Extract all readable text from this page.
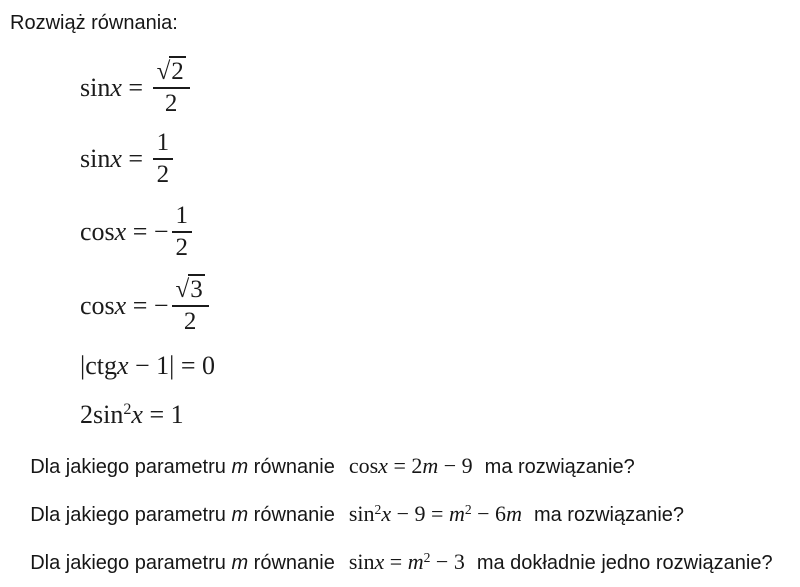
Rozwiąż równania:
$\sin x = \frac{√2}{2}$
$\sin x = \frac{1}{2}$
cosx = − $\frac{1}{2}$
cosx = − $\frac{√3}{2}$
|ctgx − 1| = 0
$2\sin^2x = 1$

Dla jakiego parametru m równanie cosx = 2m − 9 ma rozwiązanie?

Dla jakiego parametru m równanie $\sin^2x - 9 = m^2 - 6m$ ma rozwiązanie?

Dla jakiego parametru m równanie $\sin x = m^2 - 3$ ma dokładnie jedno rozwiązanie?
